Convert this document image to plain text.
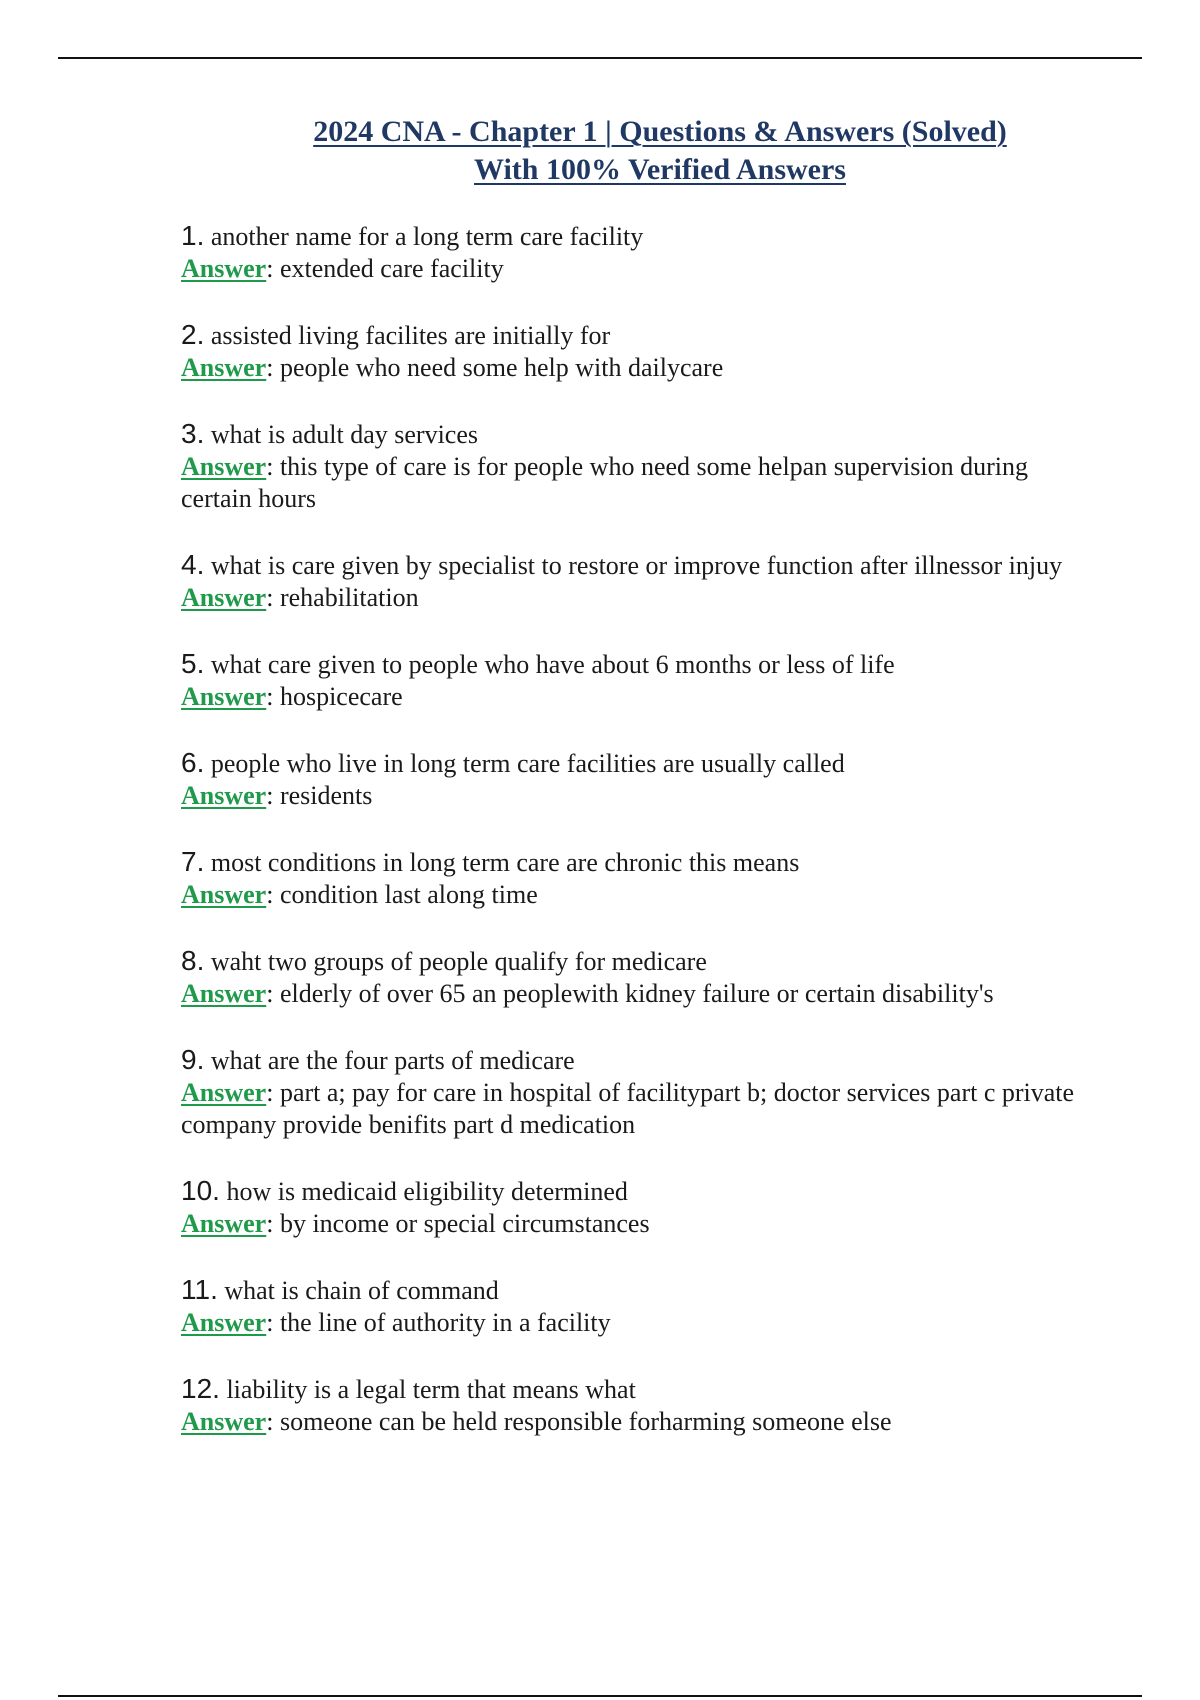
2024 CNA - Chapter 1 | Questions & Answers (Solved)
With 100% Verified Answers
1. another name for a long term care facility
Answer: extended care facility
2. assisted living facilites are initially for
Answer: people who need some help with dailycare
3. what is adult day services
Answer: this type of care is for people who need some helpan supervision during certain hours
4. what is care given by specialist to restore or improve function after illnessor injuy
Answer: rehabilitation
5. what care given to people who have about 6 months or less of life
Answer: hospicecare
6. people who live in long term care facilities are usually called
Answer: residents
7. most conditions in long term care are chronic this means
Answer: condition last along time
8. waht two groups of people qualify for medicare
Answer: elderly of over 65 an peoplewith kidney failure or certain disability's
9. what are the four parts of medicare
Answer: part a; pay for care in hospital of facilitypart b; doctor services part c private company provide benifits part d medication
10. how is medicaid eligibility determined
Answer: by income or special circumstances
11. what is chain of command
Answer: the line of authority in a facility
12. liability is a legal term that means what
Answer: someone can be held responsible forharming someone else
